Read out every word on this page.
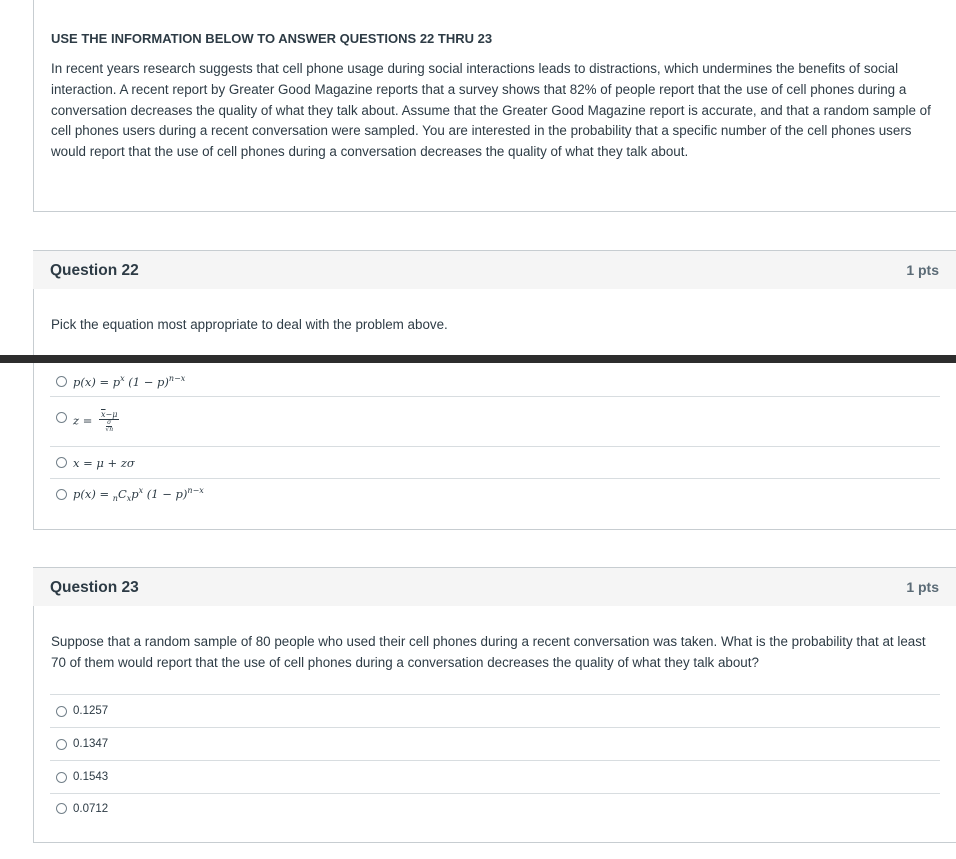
USE THE INFORMATION BELOW TO ANSWER QUESTIONS 22 THRU 23
In recent years research suggests that cell phone usage during social interactions leads to distractions, which undermines the benefits of social interaction. A recent report by Greater Good Magazine reports that a survey shows that 82% of people report that the use of cell phones during a conversation decreases the quality of what they talk about. Assume that the Greater Good Magazine report is accurate, and that a random sample of cell phones users during a recent conversation were sampled. You are interested in the probability that a specific number of the cell phones users would report that the use of cell phones during a conversation decreases the quality of what they talk about.
Question 22	1 pts
Pick the equation most appropriate to deal with the problem above.
$p(x) = p^x$ $(1 - p)^{n-x}$
$z = \overline{x}-\mu$
σ
√n
x = μ + zσ
$p(x) = _nC_xp^x$ $(1 - p)^{n-x}$
Question 23	1 pts
Suppose that a random sample of 80 people who used their cell phones during a recent conversation was taken. What is the probability that at least 70 of them would report that the use of cell phones during a conversation decreases the quality of what they talk about?
0.1257
0.1347
0.1543
0.0712
